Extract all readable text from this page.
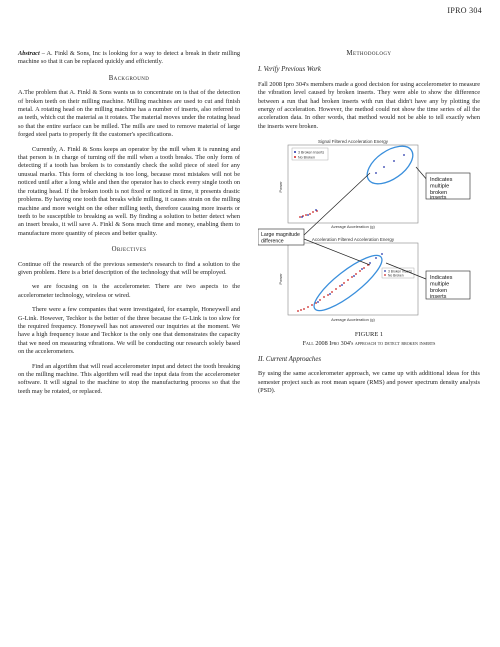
IPRO 304

Abstract – A. Finkl & Sons, Inc is looking for a way to detect a break in their milling machine so that it can be replaced quickly and efficiently.

Background

A.The problem that A. Finkl & Sons wants us to concentrate on is that of the detection of broken teeth on their milling machine. Milling machines are used to cut and finish metal. A rotating head on the milling machine has a number of inserts, also referred to as teeth, which cut the material as it rotates. The material moves under the rotating head so that the entire surface can be milled. The mills are used to remove material of large forged steel parts to properly fit the customer's specifications.

Currently, A. Finkl & Sons keeps an operator by the mill when it is running and that person is in charge of turning off the mill when a tooth breaks. The only form of detecting if a tooth has broken is to constantly check the solid piece of steel for any unusual marks. This form of checking is too long, because most mistakes will not be noticed until after a long while and then the operator has to check every single tooth on the rotating head. If the broken tooth is not fixed or noticed in time, it presents drastic problems. By having one tooth that breaks while milling, it causes strain on the milling machine and more weight on the other milling teeth, therefore causing more inserts or teeth to be susceptible to breaking as well. By finding a solution to better detect when an insert breaks, it will save A. Finkl & Sons much time and money, enabling them to manufacture more quantity of pieces and better quality.

Objectives

Continue off the research of the previous semester's research to find a solution to the given problem. Here is a brief description of the technology that will be employed.

we are focusing on is the accelerometer. There are two aspects to the accelerometer technology, wireless or wired.

There were a few companies that were investigated, for example, Honeywell and G-Link. However, Techkor is the better of the three because the G-Link is too slow for the required frequency. Honeywell has not answered our inquiries at the moment. We have a high frequency issue and Techkor is the only one that demonstrates the capacity that we need on measuring vibrations. We will be conducting our research solely based on the accelerometers.

Find an algorithm that will read accelerometer input and detect the tooth breaking on the milling machine. This algorithm will read the input data from the accelerometer software. It will signal to the machine to stop the manufacturing process so that the teeth may be rotated, or replaced.

Methodology
I. Verify Previous Work

Fall 2008 Ipro 304's members made a good decision for using accelerometer to measure the vibration level caused by broken inserts. They were able to show the difference between a run that had broken inserts with run that didn't have any by plotting the energy of acceleration. However, the method could not show the time series of all the acceleration data. In other words, that method would not be able to tell exactly when the inserts were broken.

Signal Filtered Acceleration Energy
3 Broken Inserts
No Broken
Power
Average Acceleration (g)
Acceleration Filtered Acceleration Energy
3 Broken Inserts
No Broken
Power
Average Acceleration (g)
Indicates multiple broken inserts
Large magnitude difference
Indicates multiple broken inserts
FIGURE 1
Fall 2008 Ipro 304's approach to detect broken inserts
II. Current Approaches

By using the same accelerometer approach, we came up with additional ideas for this semester project such as root mean square (RMS) and power spectrum density analysis (PSD).
